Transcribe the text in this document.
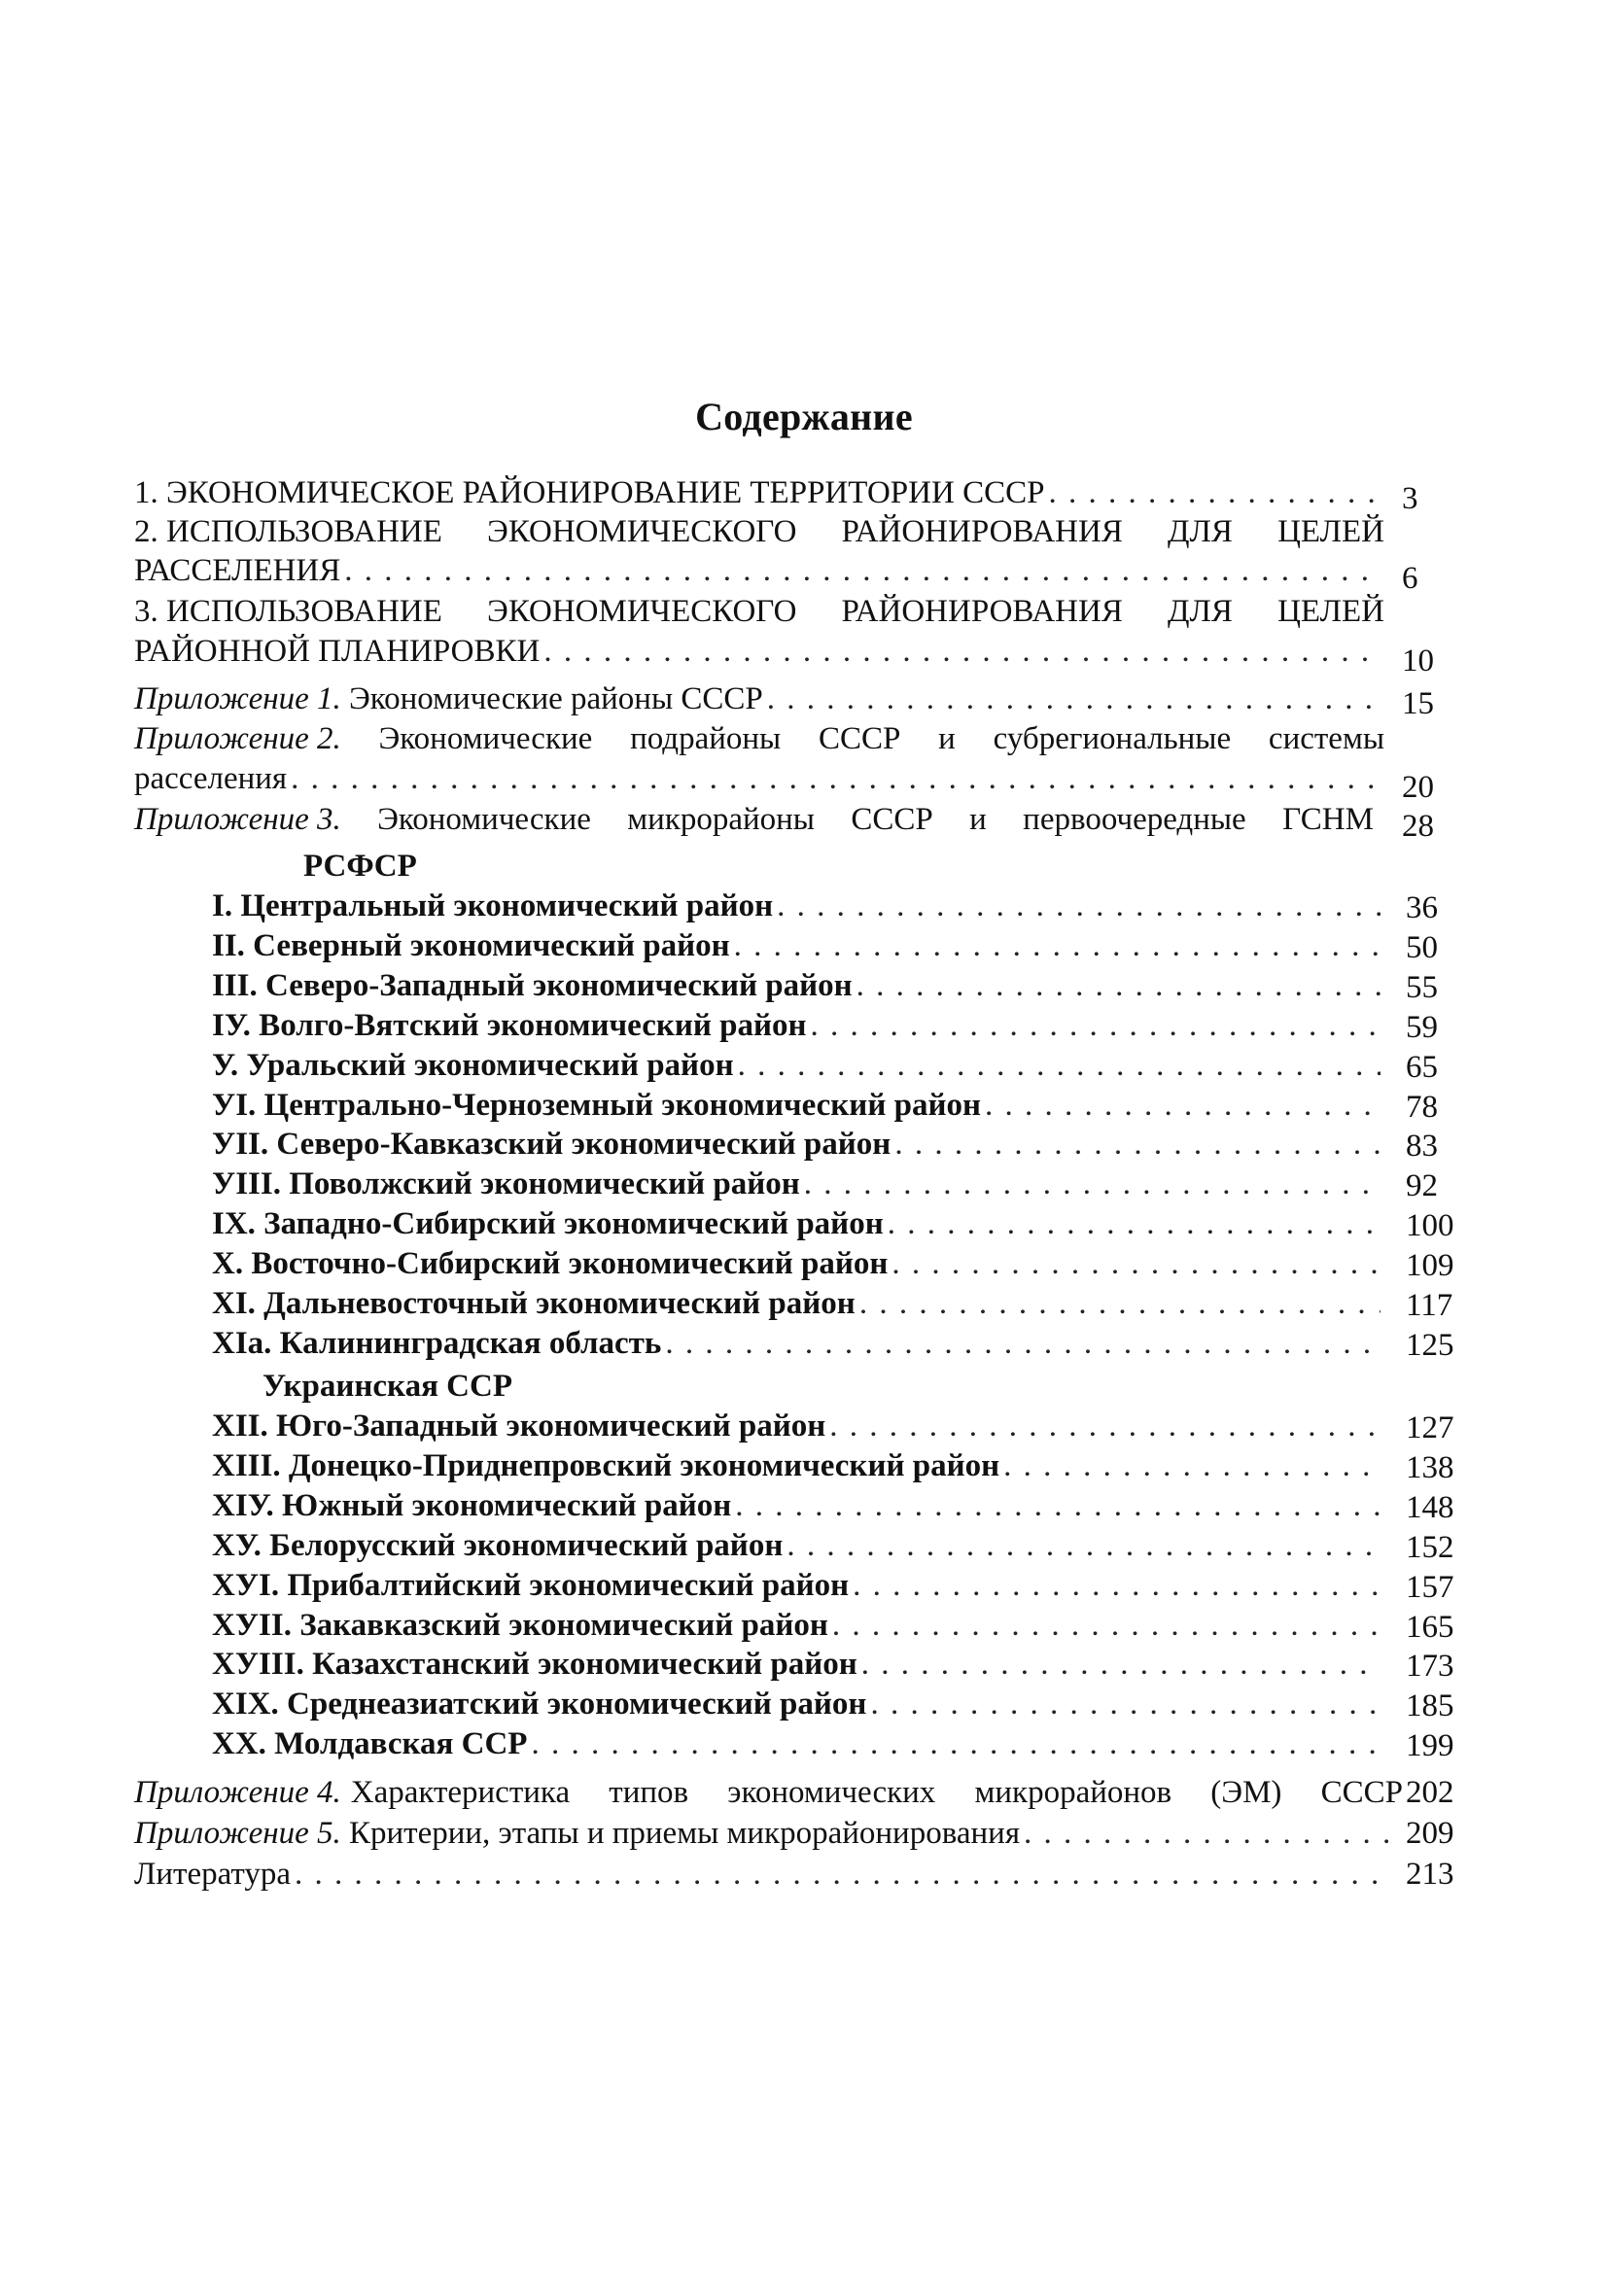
Содержание
1. ЭКОНОМИЧЕСКОЕ РАЙОНИРОВАНИЕ ТЕРРИТОРИИ СССР . . .	3
2. ИСПОЛЬЗОВАНИЕ ЭКОНОМИЧЕСКОГО РАЙОНИРОВАНИЯ ДЛЯ ЦЕЛЕЙ
РАССЕЛЕНИЯ . . .	6
3. ИСПОЛЬЗОВАНИЕ ЭКОНОМИЧЕСКОГО РАЙОНИРОВАНИЯ ДЛЯ ЦЕЛЕЙ
РАЙОННОЙ ПЛАНИРОВКИ . . .	10
Приложение 1. Экономические районы СССР . . .	15
Приложение 2. Экономические подрайоны СССР и субрегиональные системы
расселения . . .	20
Приложение 3. Экономические микрорайоны СССР и первоочередные ГСНМ 28
РСФСР
I. Центральный экономический район . . .	36
II. Северный экономический район . . .	50
III. Северо-Западный экономический район . . .	55
IУ. Волго-Вятский экономический район . . .	59
У. Уральский экономический район . . .	65
УI. Центрально-Черноземный экономический район . . .	78
УII. Северо-Кавказский экономический район . . .	83
УIII. Поволжский экономический район . . .	92
IX. Западно-Сибирский экономический район . . .	100
X. Восточно-Сибирский экономический район . . .	109
XI. Дальневосточный экономический район . . .	117
XIа. Калининградская область . . .	125
Украинская ССР
XII. Юго-Западный экономический район . . .	127
XIII. Донецко-Приднепровский экономический район . . .	138
XIУ. Южный экономический район . . .	148
XУ. Белорусский экономический район . . .	152
XУI. Прибалтийский экономический район . . .	157
XУII. Закавказский экономический район . . .	165
XУIII. Казахстанский экономический район . . .	173
XIX. Среднеазиатский экономический район . . .	185
XX. Молдавская ССР . . .	199
Приложение 4. Характеристика типов экономических микрорайонов (ЭМ) СССР 202
Приложение 5. Критерии, этапы и приемы микрорайонирования . . .	209
Литература . . .	213
